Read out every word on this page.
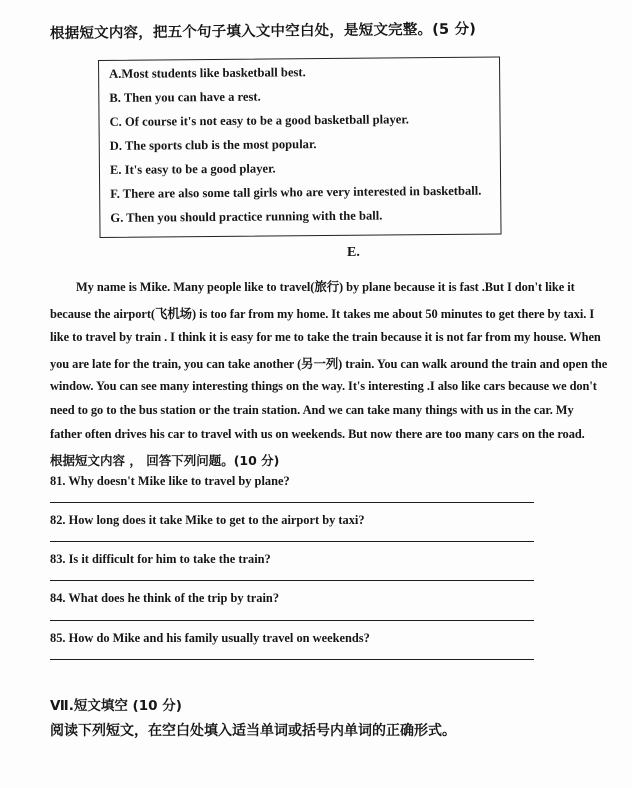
根据短文内容，把五个句子填入文中空白处，是短文完整。(5 分)
A.Most students like basketball best.
B. Then you can have a rest.
C. Of course it's not easy to be a good basketball player.
D. The sports club is the most popular.
E. It's easy to be a good player.
F. There are also some tall girls who are very interested in basketball.
G. Then you should practice running with the ball.
E.
My name is Mike. Many people like to travel(旅行) by plane because it is fast .But I don't like it
because the airport(飞机场) is too far from my home. It takes me about 50 minutes to get there by taxi. I
like to travel by train . I think it is easy for me to take the train because it is not far from my house. When
you are late for the train, you can take another (另一列) train. You can walk around the train and open the
window. You can see many interesting things on the way. It's interesting .I also like cars because we don't
need to go to the bus station or the train station. And we can take many things with us in the car. My
father often drives his car to travel with us on weekends. But now there are too many cars on the road.
根据短文内容 ， 回答下列问题。(10 分)
81. Why doesn't Mike like to travel by plane?
82. How long does it take Mike to get to the airport by taxi?
83. Is it difficult for him to take the train?
84. What does he think of the trip by train?
85. How do Mike and his family usually travel on weekends?
Ⅶ.短文填空 (10 分)
阅读下列短文，在空白处填入适当单词或括号内单词的正确形式。
